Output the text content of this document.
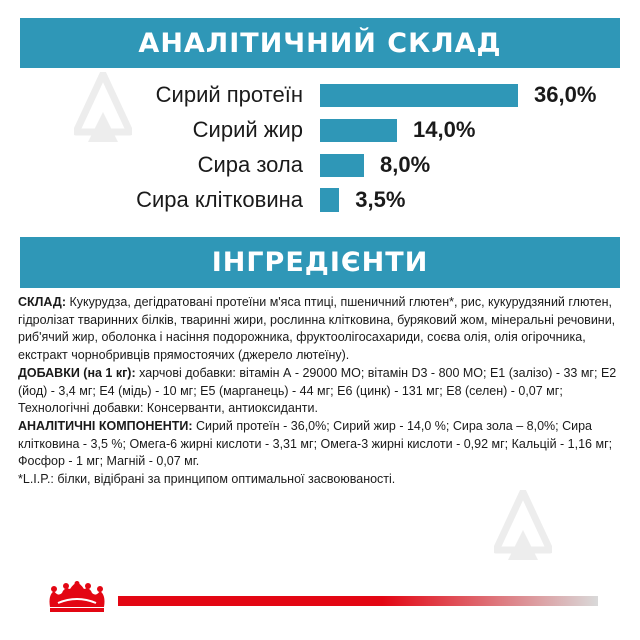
АНАЛІТИЧНИЙ СКЛАД
Сирий протеїн	36,0%
Сирий жир	14,0%
Сира зола	8,0%
Сира клітковина 3,5%
ІНГРЕДІЄНТИ

СКЛАД: Кукурудза, дегідратовані протеїни м'яса птиці, пшеничний глютен*, рис, кукурудзяний глютен, гідролізат тваринних білків, тваринні жири, рослинна клітковина, буряковий жом, мінеральні речовини, риб'ячий жир, оболонка і насіння подорожника, фруктоолігосахариди, соєва олія, олія огірочника, екстракт чорнобривців прямостоячих (джерело лютеїну).

ДОБАВКИ (на 1 кг): харчові добавки: вітамін А - 29000 МО; вітамін D3 - 800 МО; Е1 (залізо) - 33 мг; Е2 (йод) - 3,4 мг; Е4 (мідь) - 10 мг; Е5 (марганець) - 44 мг; Е6 (цинк) - 131 мг; Е8 (селен) - 0,07 мг; Технологічні добавки: Консерванти, антиоксиданти.

АНАЛІТИЧНІ КОМПОНЕНТИ: Сирий протеїн - 36,0%; Сирий жир - 14,0 %; Сира зола – 8,0%; Сира клітковина - 3,5 %; Омега-6 жирні кислоти - 3,31 мг; Омега-3 жирні кислоти - 0,92 мг; Кальцій - 1,16 мг; Фосфор - 1 мг; Магній - 0,07 мг.

*L.I.P.: білки, відібрані за принципом оптимальної засвоюваності.
